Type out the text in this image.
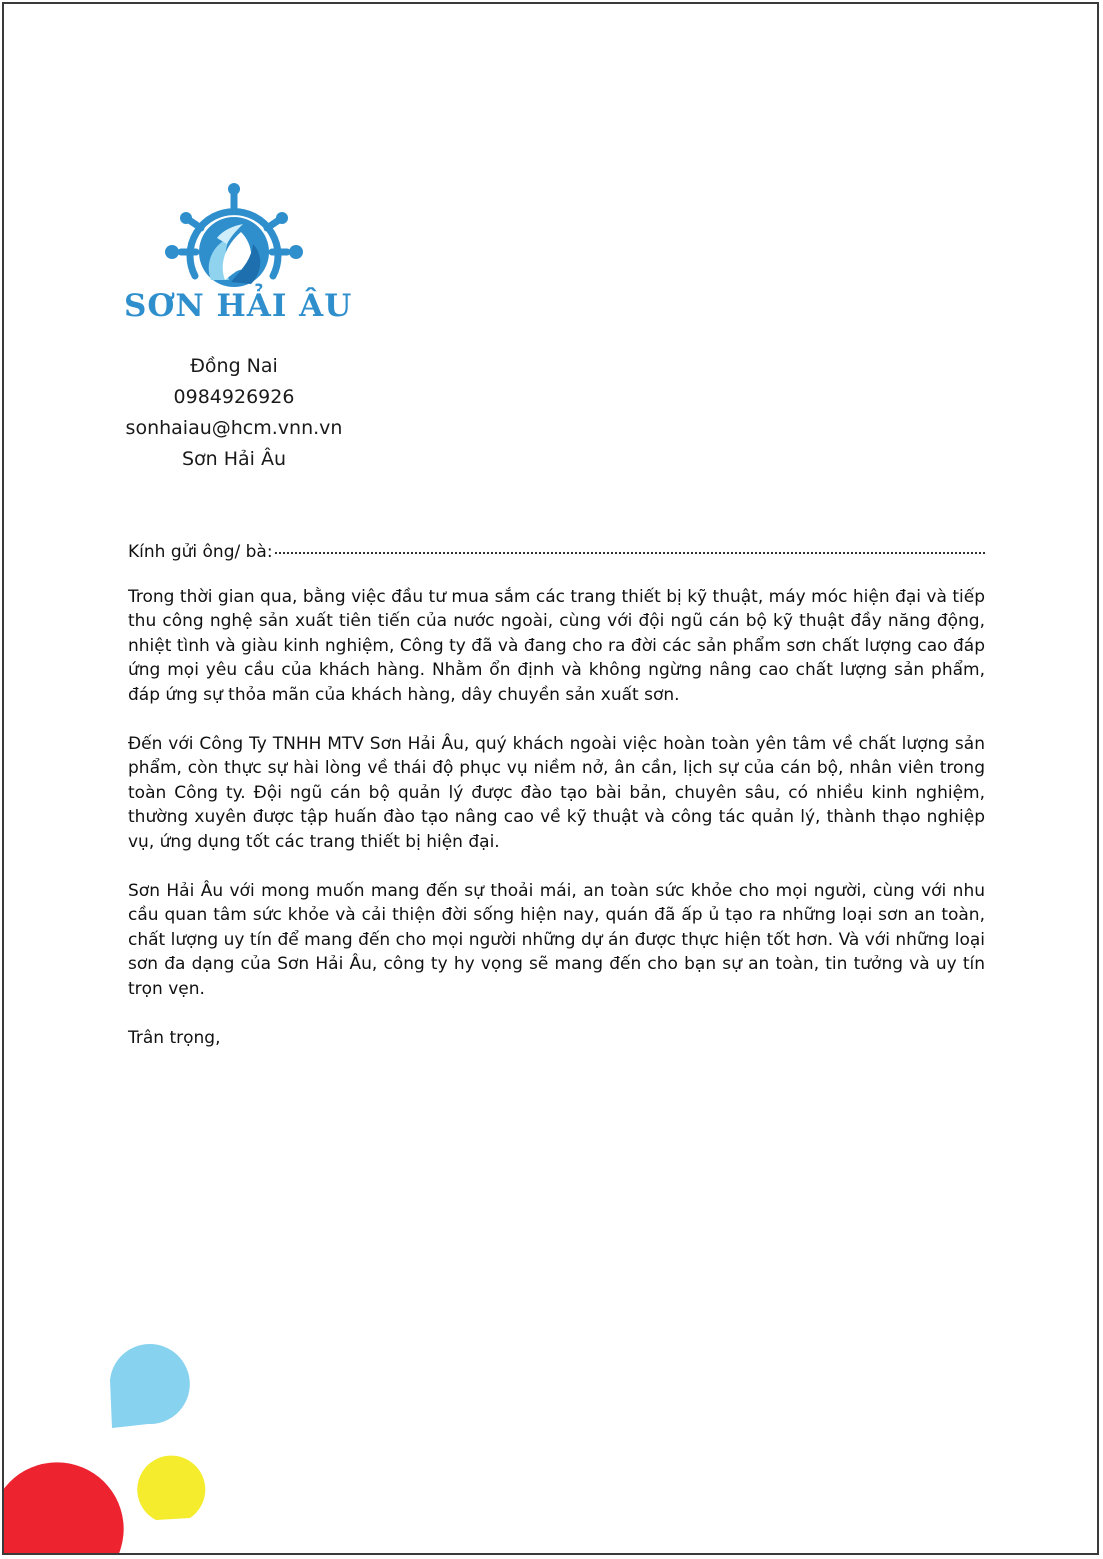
SƠN HẢI ÂU
Đồng Nai
0984926926
sonhaiau@hcm.vnn.vn
Sơn Hải Âu
Kính gửi ông/ bà:

Trong thời gian qua, bằng việc đầu tư mua sắm các trang thiết bị kỹ thuật, máy móc hiện đại và tiếp thu công nghệ sản xuất tiên tiến của nước ngoài, cùng với đội ngũ cán bộ kỹ thuật đầy năng động, nhiệt tình và giàu kinh nghiệm, Công ty đã và đang cho ra đời các sản phẩm sơn chất lượng cao đáp ứng mọi yêu cầu của khách hàng. Nhằm ổn định và không ngừng nâng cao chất lượng sản phẩm, đáp ứng sự thỏa mãn của khách hàng, dây chuyền sản xuất sơn.

Đến với Công Ty TNHH MTV Sơn Hải Âu, quý khách ngoài việc hoàn toàn yên tâm về chất lượng sản phẩm, còn thực sự hài lòng về thái độ phục vụ niềm nở, ân cần, lịch sự của cán bộ, nhân viên trong toàn Công ty. Đội ngũ cán bộ quản lý được đào tạo bài bản, chuyên sâu, có nhiều kinh nghiệm, thường xuyên được tập huấn đào tạo nâng cao về kỹ thuật và công tác quản lý, thành thạo nghiệp vụ, ứng dụng tốt các trang thiết bị hiện đại.

Sơn Hải Âu với mong muốn mang đến sự thoải mái, an toàn sức khỏe cho mọi người, cùng với nhu cầu quan tâm sức khỏe và cải thiện đời sống hiện nay, quán đã ấp ủ tạo ra những loại sơn an toàn, chất lượng uy tín để mang đến cho mọi người những dự án được thực hiện tốt hơn. Và với những loại sơn đa dạng của Sơn Hải Âu, công ty hy vọng sẽ mang đến cho bạn sự an toàn, tin tưởng và uy tín trọn vẹn.

Trân trọng,
